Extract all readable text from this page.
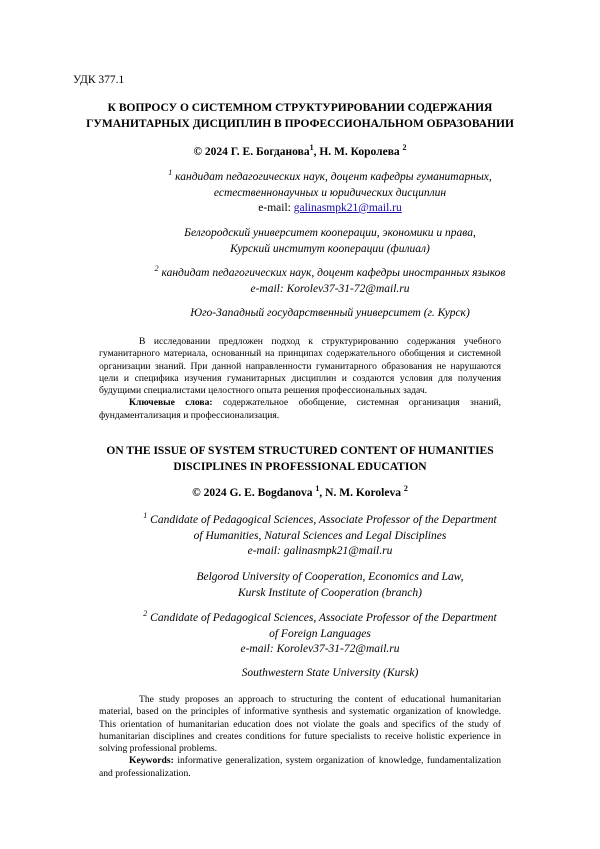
УДК 377.1
К ВОПРОСУ О СИСТЕМНОМ СТРУКТУРИРОВАНИИ СОДЕРЖАНИЯ
ГУМАНИТАРНЫХ ДИСЦИПЛИН В ПРОФЕССИОНАЛЬНОМ ОБРАЗОВАНИИ
© 2024 Г. Е. Богданова$^1$, Н. М. Королева $^2$

$^1$ кандидат педагогических наук, доцент кафедры гуманитарных,

естественнонаучных и юридических дисциплин

e-mail: galinasmpk21@mail.ru

Белгородский университет кооперации, экономики и права,

Курский институт кооперации (филиал)

$^2$ кандидат педагогических наук, доцент кафедры иностранных языков

e-mail: Korolev37-31-72@mail.ru

Юго-Западный государственный университет (г. Курск)

В исследовании предложен подход к структурированию содержания учебного гуманитарного материала, основанный на принципах содержательного обобщения и системной организации знаний. При данной направленности гуманитарного образования не нарушаются цели и специфика изучения гуманитарных дисциплин и создаются условия для получения будущими специалистами целостного опыта решения профессиональных задач.

Ключевые слова: содержательное обобщение, системная организация знаний, фундаментализация и профессионализация.

ON THE ISSUE OF SYSTEM STRUCTURED CONTENT OF HUMANITIES
DISCIPLINES IN PROFESSIONAL EDUCATION
© 2024 G. E. Bogdanova $^1$, N. M. Koroleva $^2$

$^1$ Candidate of Pedagogical Sciences, Associate Professor of the Department

of Humanities, Natural Sciences and Legal Disciplines

e-mail: galinasmpk21@mail.ru

Belgorod University of Cooperation, Economics and Law,

Kursk Institute of Cooperation (branch)

$^2$ Candidate of Pedagogical Sciences, Associate Professor of the Department

of Foreign Languages

e-mail: Korolev37-31-72@mail.ru

Southwestern State University (Kursk)

The study proposes an approach to structuring the content of educational humanitarian material, based on the principles of informative synthesis and systematic organization of knowledge. This orientation of humanitarian education does not violate the goals and specifics of the study of humanitarian disciplines and creates conditions for future specialists to receive holistic experience in solving professional problems.

Keywords: informative generalization, system organization of knowledge, fundamentalization and professionalization.
